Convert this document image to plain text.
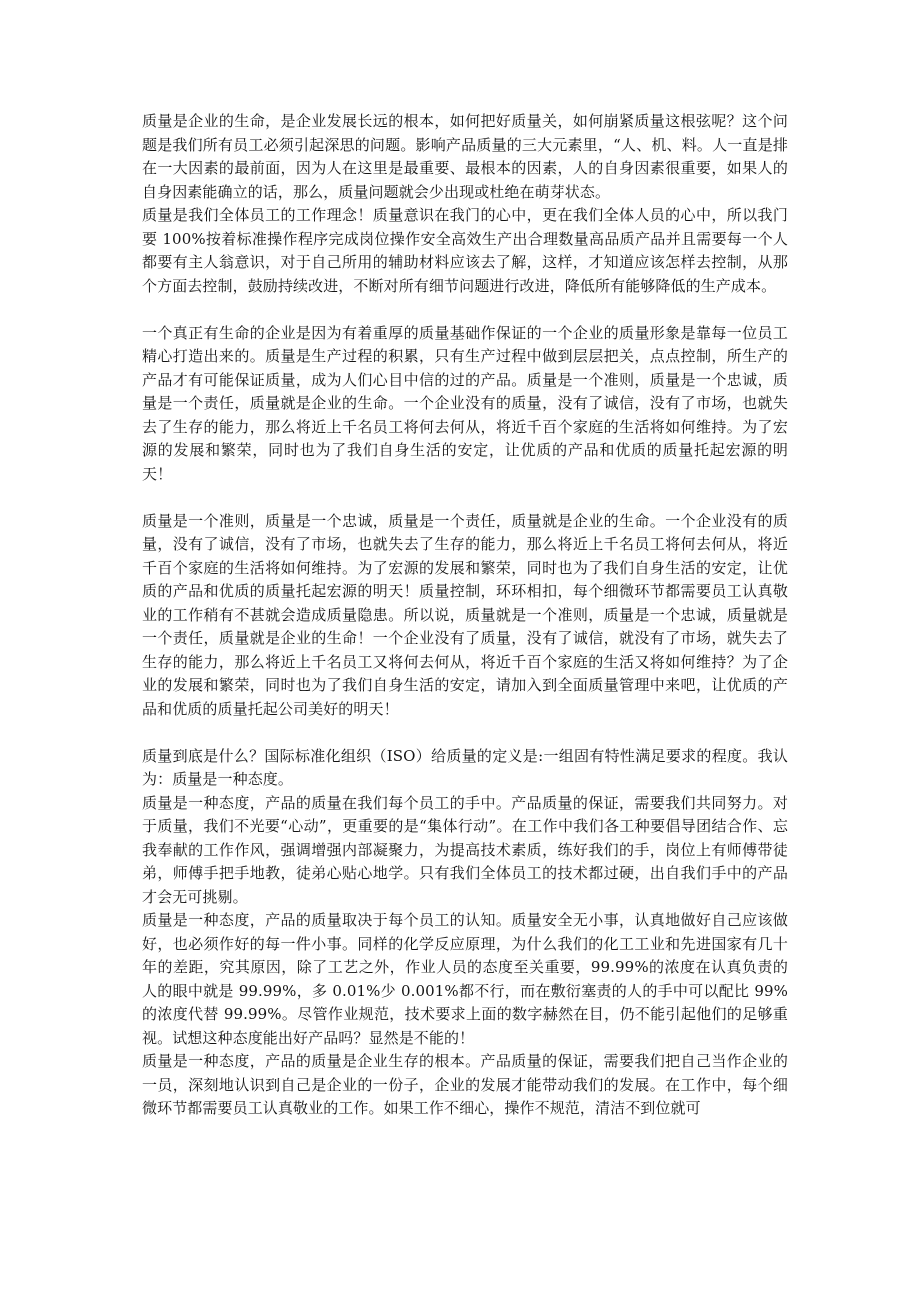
质量是企业的生命，是企业发展长远的根本，如何把好质量关，如何崩紧质量这根弦呢？这个问题是我们所有员工必须引起深思的问题。影响产品质量的三大元素里，“人、机、料。人一直是排在一大因素的最前面，因为人在这里是最重要、最根本的因素，人的自身因素很重要，如果人的自身因素能确立的话，那么，质量问题就会少出现或杜绝在萌芽状态。

质量是我们全体员工的工作理念！质量意识在我门的心中，更在我们全体人员的心中，所以我门要 100%按着标准操作程序完成岗位操作安全高效生产出合理数量高品质产品并且需要每一个人都要有主人翁意识，对于自己所用的辅助材料应该去了解，这样，才知道应该怎样去控制，从那个方面去控制，鼓励持续改进，不断对所有细节问题进行改进，降低所有能够降低的生产成本。

一个真正有生命的企业是因为有着重厚的质量基础作保证的一个企业的质量形象是靠每一位员工精心打造出来的。质量是生产过程的积累，只有生产过程中做到层层把关，点点控制，所生产的产品才有可能保证质量，成为人们心目中信的过的产品。质量是一个准则，质量是一个忠诚，质量是一个责任，质量就是企业的生命。一个企业没有的质量，没有了诚信，没有了市场，也就失去了生存的能力，那么将近上千名员工将何去何从，将近千百个家庭的生活将如何维持。为了宏源的发展和繁荣，同时也为了我们自身生活的安定，让优质的产品和优质的质量托起宏源的明天！

质量是一个准则，质量是一个忠诚，质量是一个责任，质量就是企业的生命。一个企业没有的质量，没有了诚信，没有了市场，也就失去了生存的能力，那么将近上千名员工将何去何从，将近千百个家庭的生活将如何维持。为了宏源的发展和繁荣，同时也为了我们自身生活的安定，让优质的产品和优质的质量托起宏源的明天！质量控制，环环相扣，每个细微环节都需要员工认真敬业的工作稍有不甚就会造成质量隐患。所以说，质量就是一个准则，质量是一个忠诚，质量就是一个责任，质量就是企业的生命！一个企业没有了质量，没有了诚信，就没有了市场，就失去了生存的能力，那么将近上千名员工又将何去何从，将近千百个家庭的生活又将如何维持？为了企业的发展和繁荣，同时也为了我们自身生活的安定，请加入到全面质量管理中来吧，让优质的产品和优质的质量托起公司美好的明天！

质量到底是什么？国际标准化组织（ISO）给质量的定义是:一组固有特性满足要求的程度。我认为：质量是一种态度。

质量是一种态度，产品的质量在我们每个员工的手中。产品质量的保证，需要我们共同努力。对于质量，我们不光要“心动”，更重要的是“集体行动”。在工作中我们各工种要倡导团结合作、忘我奉献的工作作风，强调增强内部凝聚力，为提高技术素质，练好我们的手，岗位上有师傅带徒弟，师傅手把手地教，徒弟心贴心地学。只有我们全体员工的技术都过硬，出自我们手中的产品才会无可挑剔。

质量是一种态度，产品的质量取决于每个员工的认知。质量安全无小事，认真地做好自己应该做好，也必须作好的每一件小事。同样的化学反应原理，为什么我们的化工工业和先进国家有几十年的差距，究其原因，除了工艺之外，作业人员的态度至关重要，99.99%的浓度在认真负责的人的眼中就是 99.99%，多 0.01%少 0.001%都不行，而在敷衍塞责的人的手中可以配比 99%的浓度代替 99.99%。尽管作业规范，技术要求上面的数字赫然在目，仍不能引起他们的足够重视。试想这种态度能出好产品吗？显然是不能的！

质量是一种态度，产品的质量是企业生存的根本。产品质量的保证，需要我们把自己当作企业的一员，深刻地认识到自己是企业的一份子，企业的发展才能带动我们的发展。在工作中，每个细微环节都需要员工认真敬业的工作。如果工作不细心，操作不规范，清洁不到位就可
